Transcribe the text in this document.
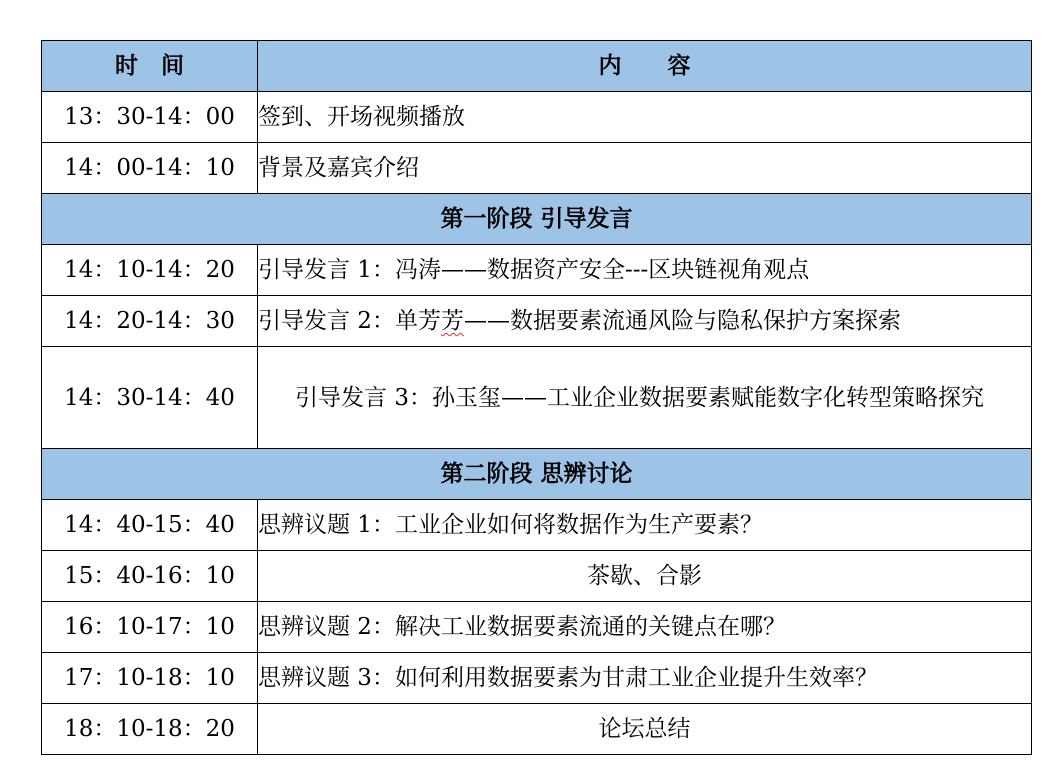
时　间	内　　容
13：30-14：00	签到、开场视频播放
14：00-14：10	背景及嘉宾介绍
第一阶段 引导发言	
14：10-14：20	引导发言 1：冯涛——数据资产安全---区块链视角观点
14：20-14：30	引导发言 2：单芳芳——数据要素流通风险与隐私保护方案探索
14：30-14：40	引导发言 3：孙玉玺——工业企业数据要素赋能数字化转型策略探究
第二阶段 思辨讨论	
14：40-15：40	思辨议题 1：工业企业如何将数据作为生产要素？
15：40-16：10	茶歇、合影
16：10-17：10	思辨议题 2：解决工业数据要素流通的关键点在哪？
17：10-18：10	思辨议题 3：如何利用数据要素为甘肃工业企业提升生效率？
18：10-18：20	论坛总结
